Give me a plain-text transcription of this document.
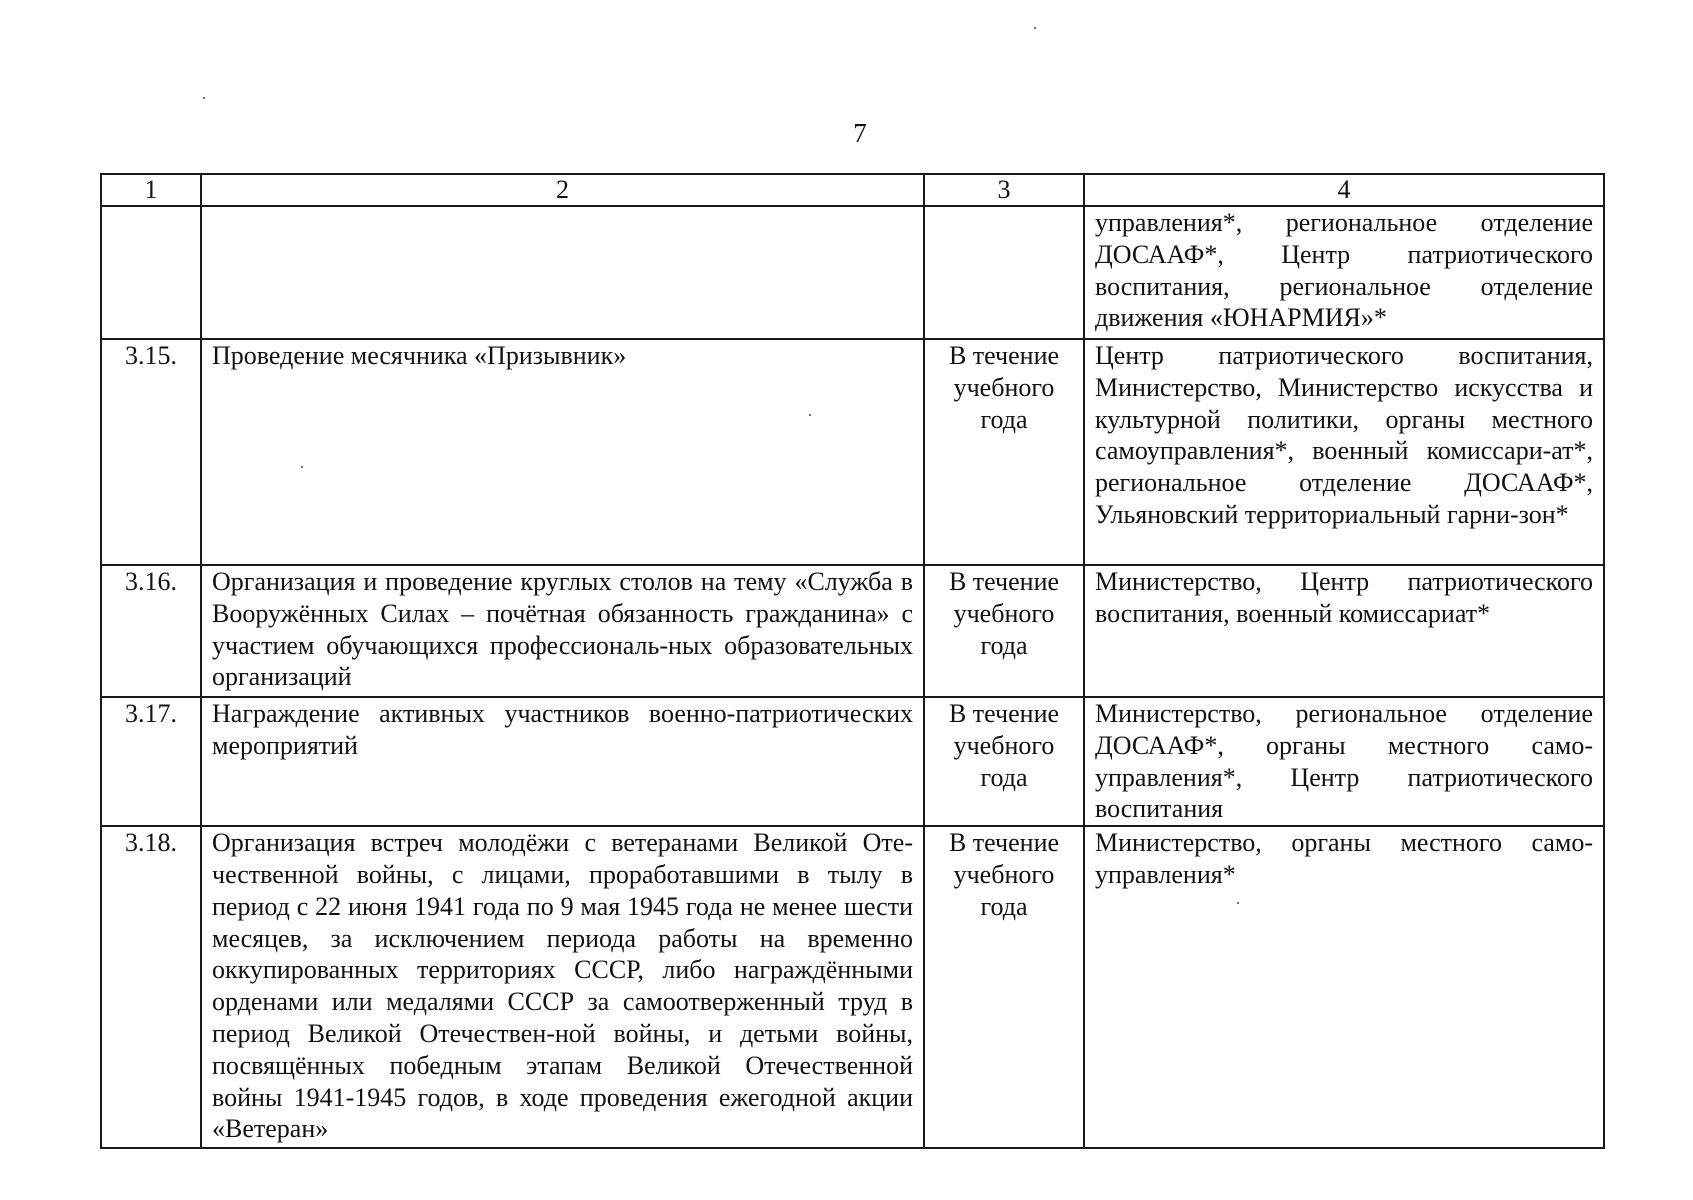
7
1	2	3	4
			управления*, региональное отделение ДОСААФ*, Центр патриотического воспитания, региональное отделение движения «ЮНАРМИЯ»*
3.15.	Проведение месячника «Призывник»	В течение учебного года	Центр патриотического воспитания, Министерство, Министерство искусства и культурной политики, органы местного самоуправления*, военный комиссари-ат*, региональное отделение ДОСААФ*, Ульяновский территориальный гарни-зон*
3.16.	Организация и проведение круглых столов на тему «Служба в Вооружённых Силах – почётная обязанность гражданина» с участием обучающихся профессиональ-ных образовательных организаций	В течение учебного года	Министерство, Центр патриотического воспитания, военный комиссариат*
3.17.	Награждение активных участников военно-патриотических мероприятий	В течение учебного года	Министерство, региональное отделение ДОСААФ*, органы местного само-управления*, Центр патриотического воспитания
3.18.	Организация встреч молодёжи с ветеранами Великой Оте-чественной войны, с лицами, проработавшими в тылу в период с 22 июня 1941 года по 9 мая 1945 года не менее шести месяцев, за исключением периода работы на временно оккупированных территориях СССР, либо награждёнными орденами или медалями СССР за самоотверженный труд в период Великой Отечествен-ной войны, и детьми войны, посвящённых победным этапам Великой Отечественной войны 1941-1945 годов, в ходе проведения ежегодной акции «Ветеран»	В течение учебного года	Министерство, органы местного само-управления*
